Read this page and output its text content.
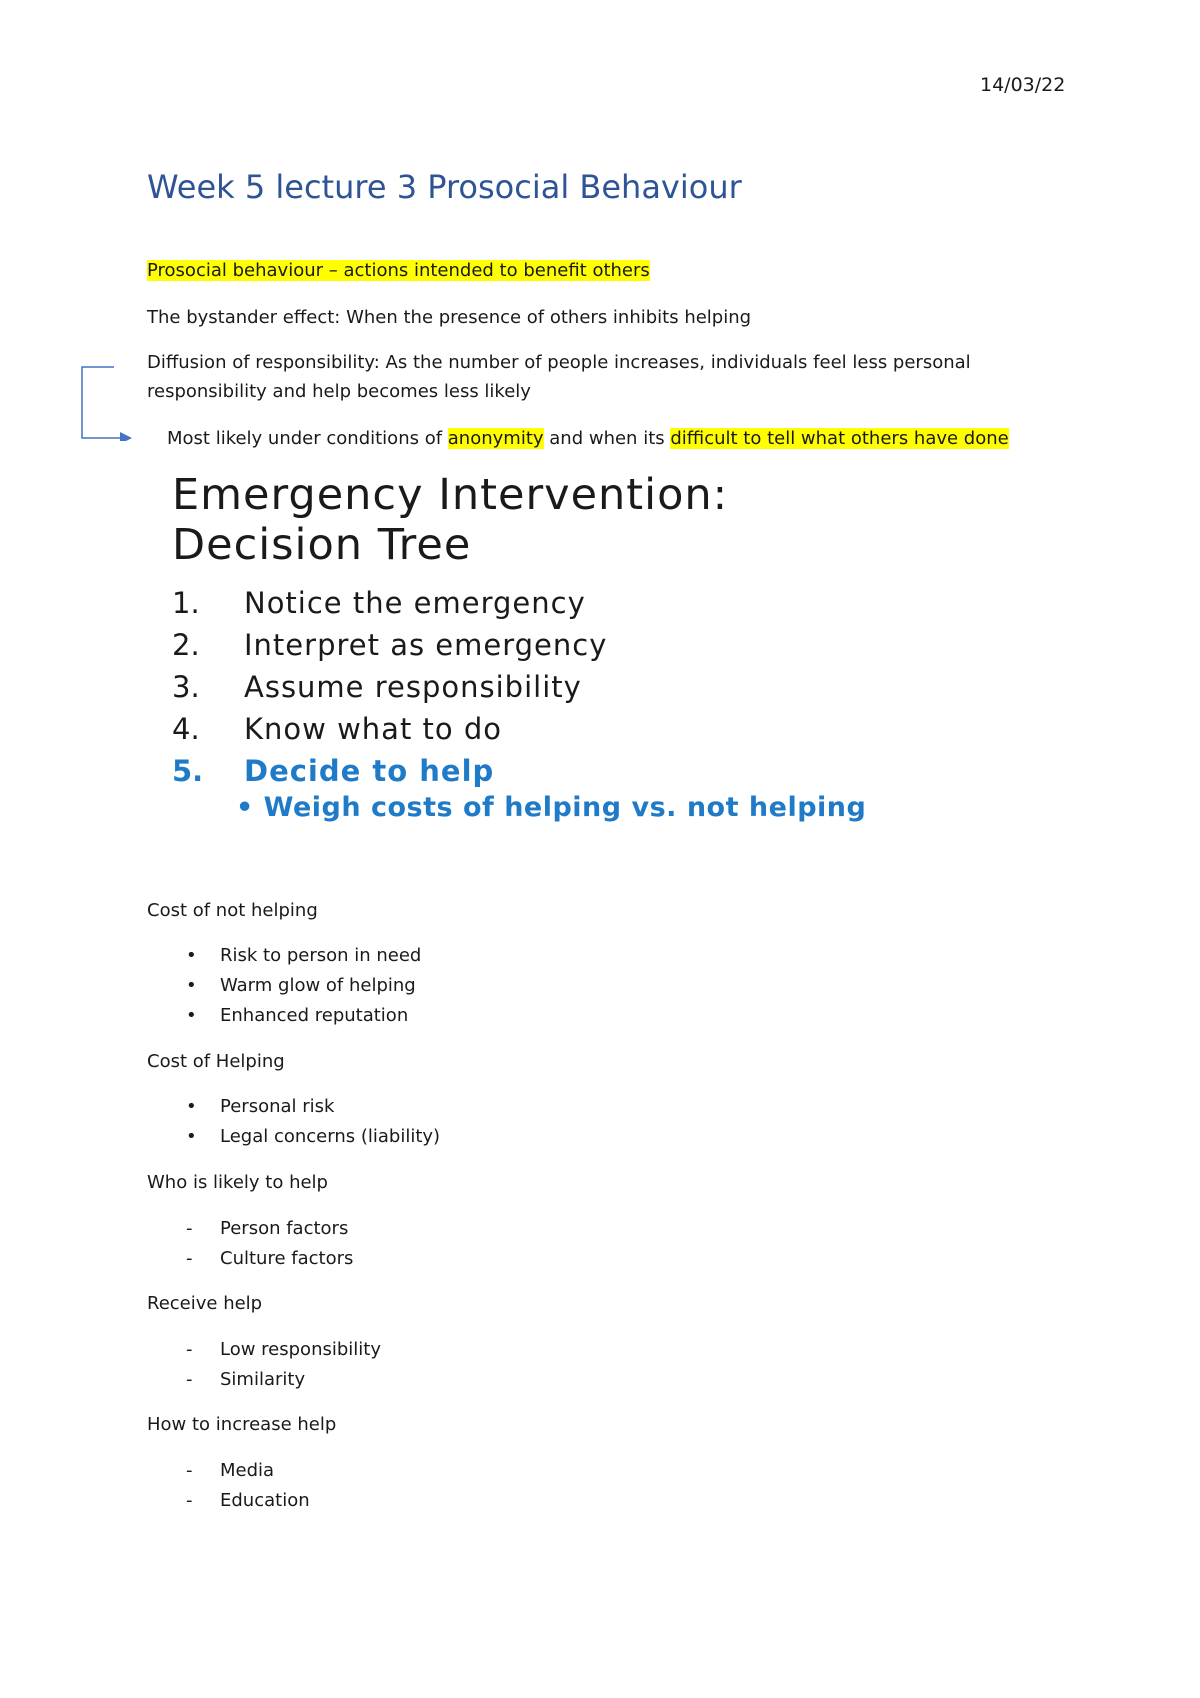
14/03/22
Week 5 lecture 3 Prosocial Behaviour
Prosocial behaviour – actions intended to benefit others
The bystander effect: When the presence of others inhibits helping
Diffusion of responsibility: As the number of people increases, individuals feel less personal
responsibility and help becomes less likely
Most likely under conditions of anonymity and when its difficult to tell what others have done
Emergency Intervention:
Decision Tree
1. Notice the emergency
2. Interpret as emergency
3. Assume responsibility
4. Know what to do
5. Decide to help
• Weigh costs of helping vs. not helping
Cost of not helping
•	Risk to person in need
•	Warm glow of helping
•	Enhanced reputation
Cost of Helping
•	Personal risk
•	Legal concerns (liability)
Who is likely to help
-	Person factors
-	Culture factors
Receive help
-	Low responsibility
-	Similarity
How to increase help
-	Media
-	Education
